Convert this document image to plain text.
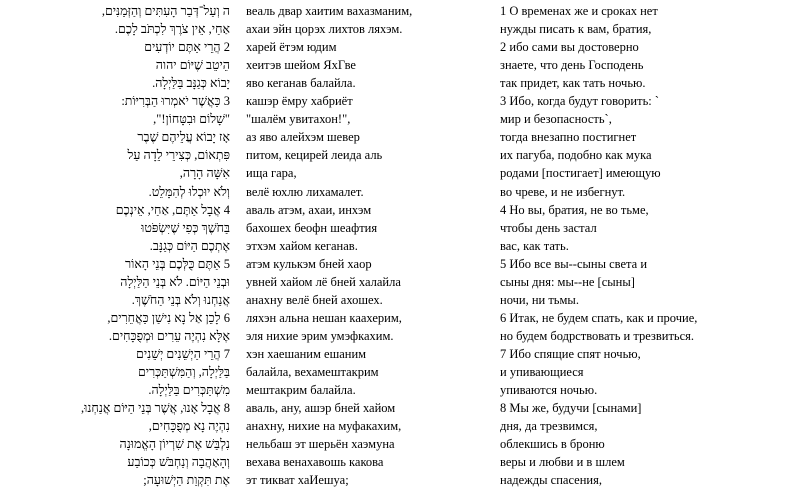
ה וְעַל־דְּבַר הָעִתִּים וְהַזְּמַנִּים, веаль двар хаитим вахазманим,	1 О временах же и сроках нет
אַחַי, אֵין צֹרֶךְ לִכְתֹּב לָכֶם. ахаи эйн цорэх лихтов ляхэм.	нужды писать к вам, братия,
2 הֲרֵי אַתֶּם יוֹדְעִים харей ётэм юдим	2 ибо сами вы достоверно
הֵיטֵב שֶׁיּוֹם יהוה хеитэв шейом ЯхГве	знаете, что день Господень
יָבוֹא כְּגַנָּב בַּלַּיְלָה. яво кеганав балайла.	так придет, как тать ночью.
3 כַּאֲשֶׁר יֹאמְרוּ הַבְּרִיּוֹת: кашэр ёмру хабриёт	3 Ибо, когда будут говорить: `
"שָׁלוֹם וּבִטָּחוֹן!", "шалём увитахон!",	мир и безопасность`,
אָז יָבוֹא עֲלֵיהֶם שֶׁבֶר аз яво алейхэм шевер	тогда внезапно постигнет
פִּתְאוֹם, כְּצִירֵי לֵדָה עַל питом, кецирей леида аль	их пагуба, подобно как мука
אִשָּׁה הָרָה, ища гара,	родами [постигает] имеющую
וְלֹא יוּכְלוּ לְהִמָּלֵט. велё юхлю лихамалет.	во чреве, и не избегнут.
4 אֲבָל אַתֶּם, אַחַי, אֵינְכֶם аваль атэм, ахаи, инхэм	4 Но вы, братия, не во тьме,
בַּחֹשֶׁךְ כְּפִי שֶׁיִּשְׂפֹּטוּ бахошех беофн шеафтия	чтобы день застал
אֶתְכֶם הַיּוֹם כְּגַנָּב. этхэм хайом кеганав.	вас, как тать.
5 אַתֶּם כֻּלְּכֶם בְּנֵי הָאוֹר атэм кулькэм бней хаор	5 Ибо все вы--сыны света и
וּבְנֵי הַיּוֹם. לֹא בְּנֵי הַלַּיְלָה увней хайом лё бней халайла	сыны дня: мы--не [сыны]
אֲנַחְנוּ וְלֹא בְּנֵי הַחֹשֶׁךְ. анахну велё бней ахошех.	ночи, ни тьмы.
6 לָכֵן אַל נָא נִישַׁן כַּאֲחֵרִים, ляхэн альна нешан каахерим,	6 Итак, не будем спать, как и прочие,
אֶלָּא נִהְיֶה עֵרִים וּמְפֻכָּחִים. эля нихие эрим умэфкахим.	но будем бодрствовать и трезвиться.
7 הֲרֵי הַיְשֵׁנִים יְשֵׁנִים хэн хаешаним ешаним	7 Ибо спящие спят ночью,
בַּלַּיְלָה, וְהַמִּשְׁתַּכְּרִים балайла, вехамештакрим	и упивающиеся
מִשְׁתַּכְּרִים בַּלַּיְלָה. мештакрим балайла.	упиваются ночью.
8 אֲבָל אָנוּ, אֲשֶׁר בְּנֵי הַיּוֹם אֲנַחְנוּ, аваль, ану, ашэр бней хайом	8 Мы же, будучи [сынами]
נִהְיֶה נָא מְפֻכָּחִים, анахну, нихие на муфакахим,	дня, да трезвимся,
נִלְבַּשׁ אֶת שִׁרְיוֹן הָאֱמוּנָה нельбаш эт шерьён хаэмуна	облекшись в броню
וְהָאַהֲבָה וְנַחְבֹּשׁ כְּכוֹבַע вехава венахавошь какова	веры и любви и в шлем
אֶת תִּקְוַת הַיְשׁוּעָה; эт тикват хаИешуа;	надежды спасения,
